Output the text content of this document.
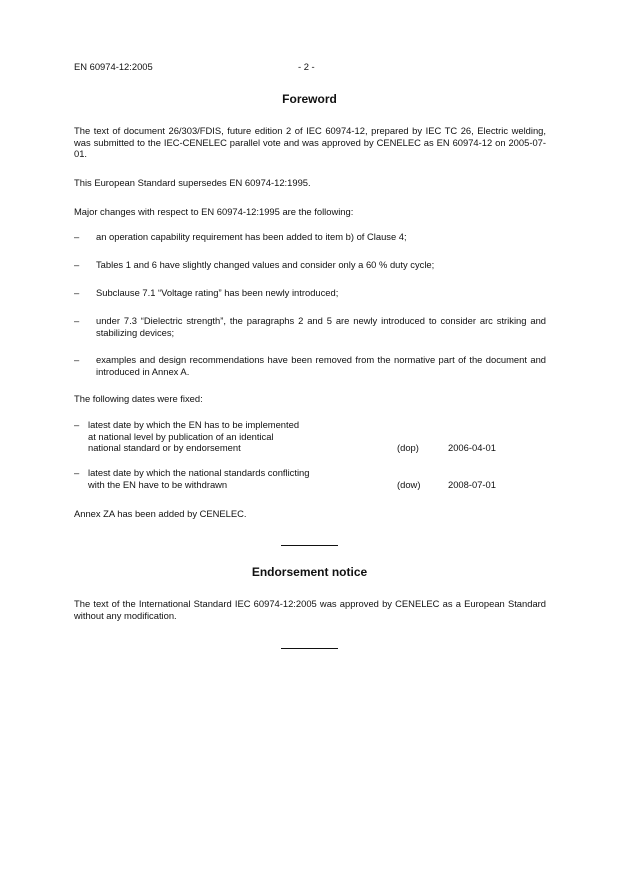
EN 60974-12:2005	- 2 -
Foreword
The text of document 26/303/FDIS, future edition 2 of IEC 60974-12, prepared by IEC TC 26, Electric welding, was submitted to the IEC-CENELEC parallel vote and was approved by CENELEC as EN 60974-12 on 2005-07-01.
This European Standard supersedes EN 60974-12:1995.
Major changes with respect to EN 60974-12:1995 are the following:
– an operation capability requirement has been added to item b) of Clause 4;
– Tables 1 and 6 have slightly changed values and consider only a 60 % duty cycle;
– Subclause 7.1 “Voltage rating” has been newly introduced;
– under 7.3 “Dielectric strength”, the paragraphs 2 and 5 are newly introduced to consider arc striking and stabilizing devices;
– examples and design recommendations have been removed from the normative part of the document and introduced in Annex A.
The following dates were fixed:
– latest date by which the EN has to be implemented
at national level by publication of an identical
national standard or by endorsement	(dop)	2006-04-01
– latest date by which the national standards conflicting
with the EN have to be withdrawn	(dow)	2008-07-01
Annex ZA has been added by CENELEC.
Endorsement notice
The text of the International Standard IEC 60974-12:2005 was approved by CENELEC as a European Standard without any modification.
